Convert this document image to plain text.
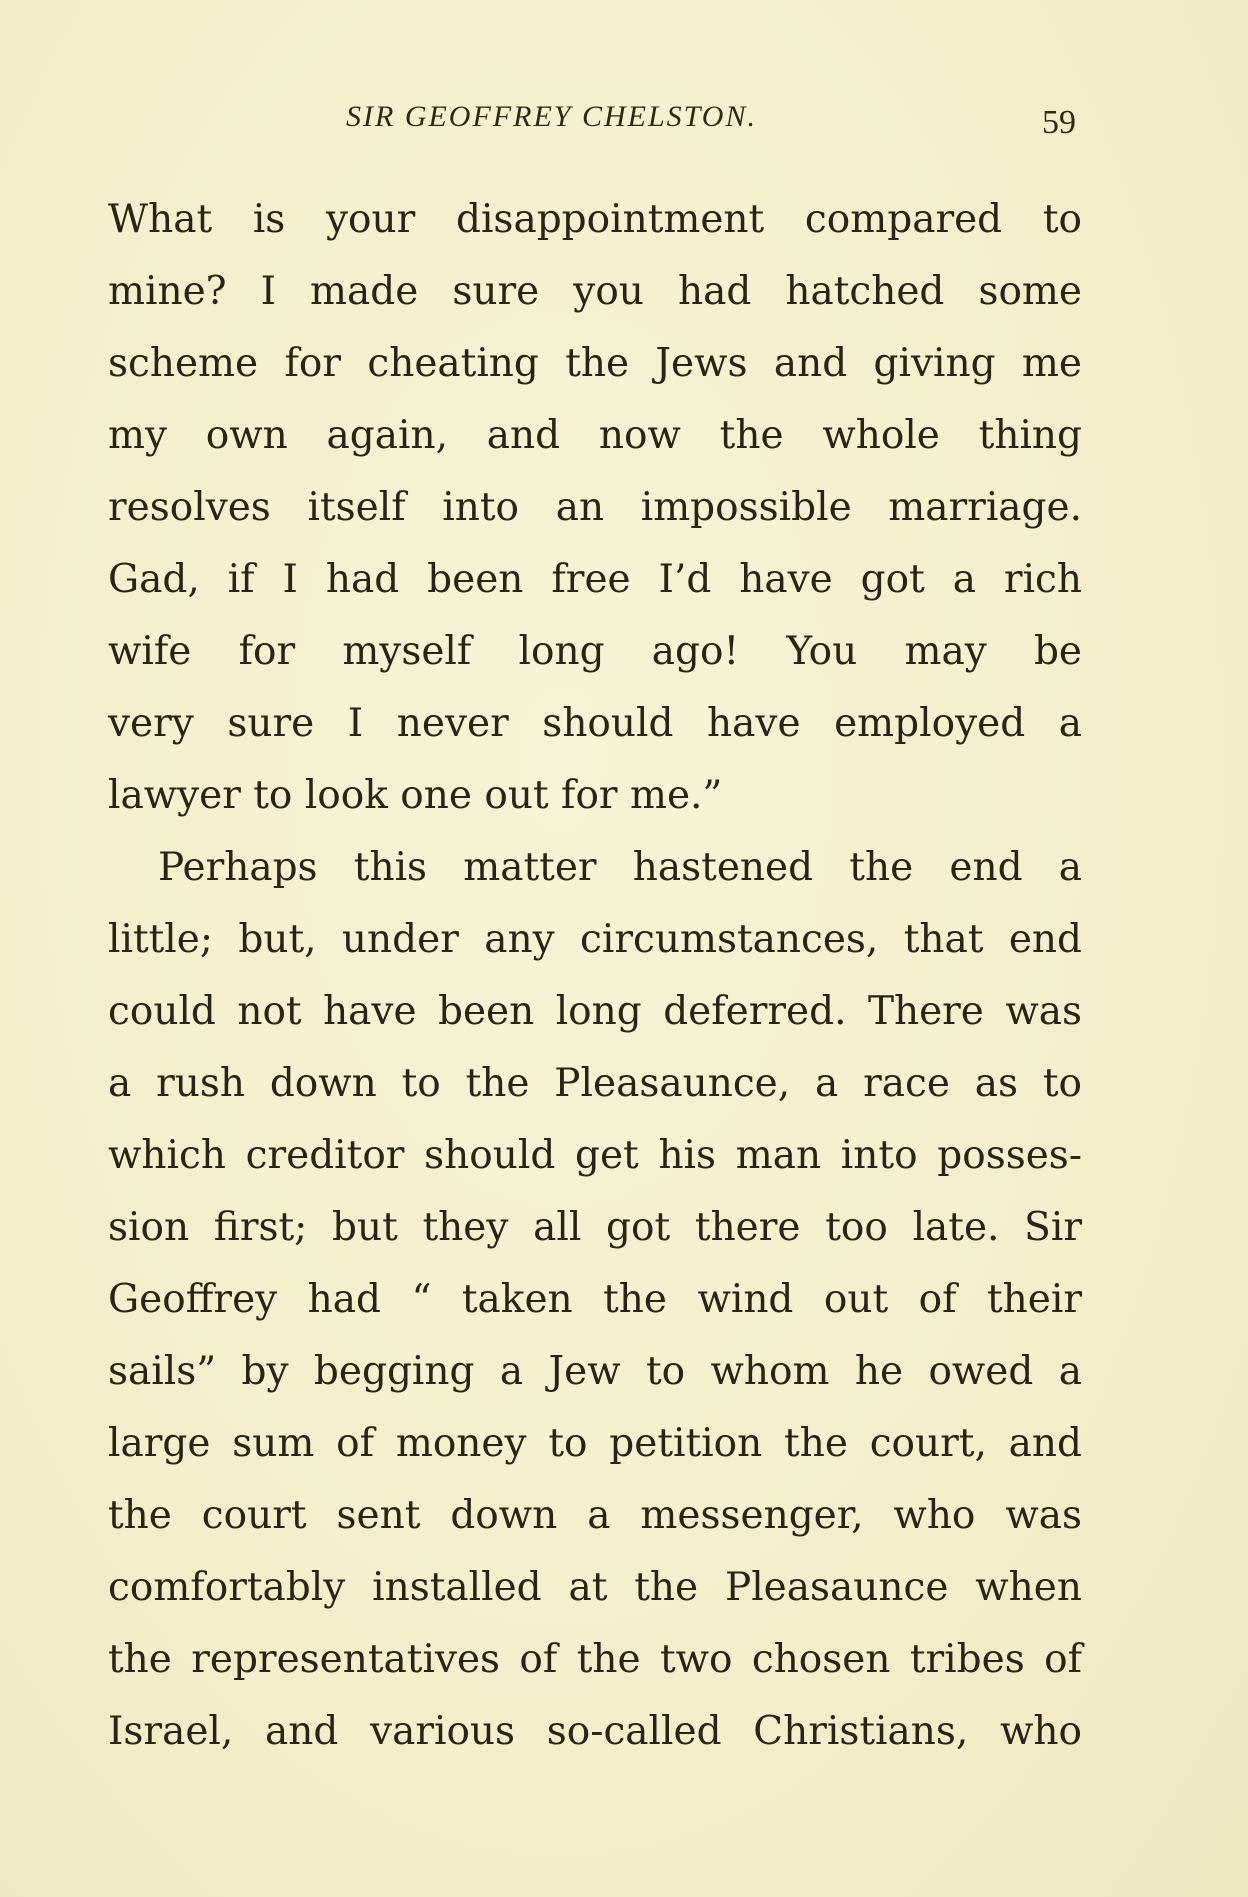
SIR GEOFFREY CHELSTON.	59
What is your disappointment compared to
mine? I made sure you had hatched some
scheme for cheating the Jews and giving me
my own again, and now the whole thing
resolves itself into an impossible marriage.
Gad, if I had been free I’d have got a rich
wife for myself long ago! You may be
very sure I never should have employed a
lawyer to look one out for me.”
Perhaps this matter hastened the end a
little; but, under any circumstances, that end
could not have been long deferred. There was
a rush down to the Pleasaunce, a race as to
which creditor should get his man into posses-
sion first; but they all got there too late. Sir
Geoffrey had “ taken the wind out of their
sails” by begging a Jew to whom he owed a
large sum of money to petition the court, and
the court sent down a messenger, who was
comfortably installed at the Pleasaunce when
the representatives of the two chosen tribes of
Israel, and various so-called Christians, who
